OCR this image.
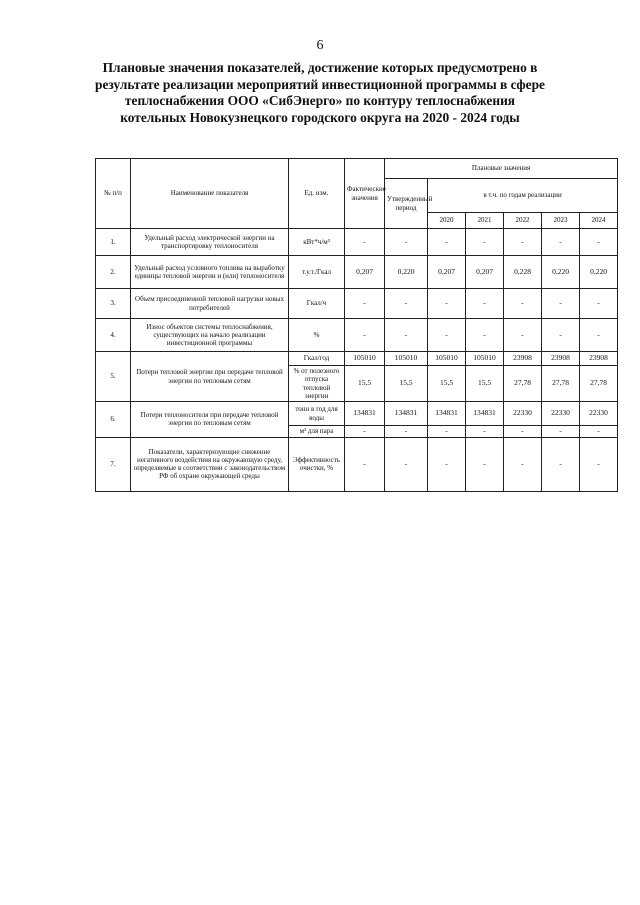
6
Плановые значения показателей, достижение которых предусмотрено в результате реализации мероприятий инвестиционной программы в сфере теплоснабжения ООО «СибЭнерго» по контуру теплоснабжения котельных Новокузнецкого городского округа на 2020 - 2024 годы
№ п/п	Наименование показателя	Ед. изм.	Фактические значения	Плановые значения					
				Утвержденный период	в т.ч. по годам реализации				
					2020	2021	2022	2023	2024
1.	Удельный расход электрической энергии на транспортировку теплоносителя	кВт*ч/м³	-	-	-	-	-	-	-
2.	Удельный расход условного топлива на выработку единицы тепловой энергии и (или) теплоносителя	т.у.т./Гкал	0,207	0,220	0,207	0,207	0,228	0,220	0,220
3.	Объем присоединенной тепловой нагрузки новых потребителей	Гкал/ч	-	-	-	-	-	-	-
4.	Износ объектов системы теплоснабжения, существующих на начало реализации инвестиционной программы	%	-	-	-	-	-	-	-
5.	Потери тепловой энергии при передаче тепловой энергии по тепловым сетям	Гкал/год	105010	105010	105010	105010	23908	23908	23908
		% от полезного отпуска тепловой энергии	15,5	15,5	15,5	15,5	27,78	27,78	27,78
6.	Потери теплоносителя при передаче тепловой энергии по тепловым сетям	тонн в год для воды	134831	134831	134831	134831	22330	22330	22330
		м³ для пара	-	-	-	-	-	-	-
7.	Показатели, характеризующие снижение негативного воздействия на окружающую среду, определяемые в соответствии с законодательством РФ об охране окружающей среды	Эффективность очистки, %	-	-	-	-	-	-	-
